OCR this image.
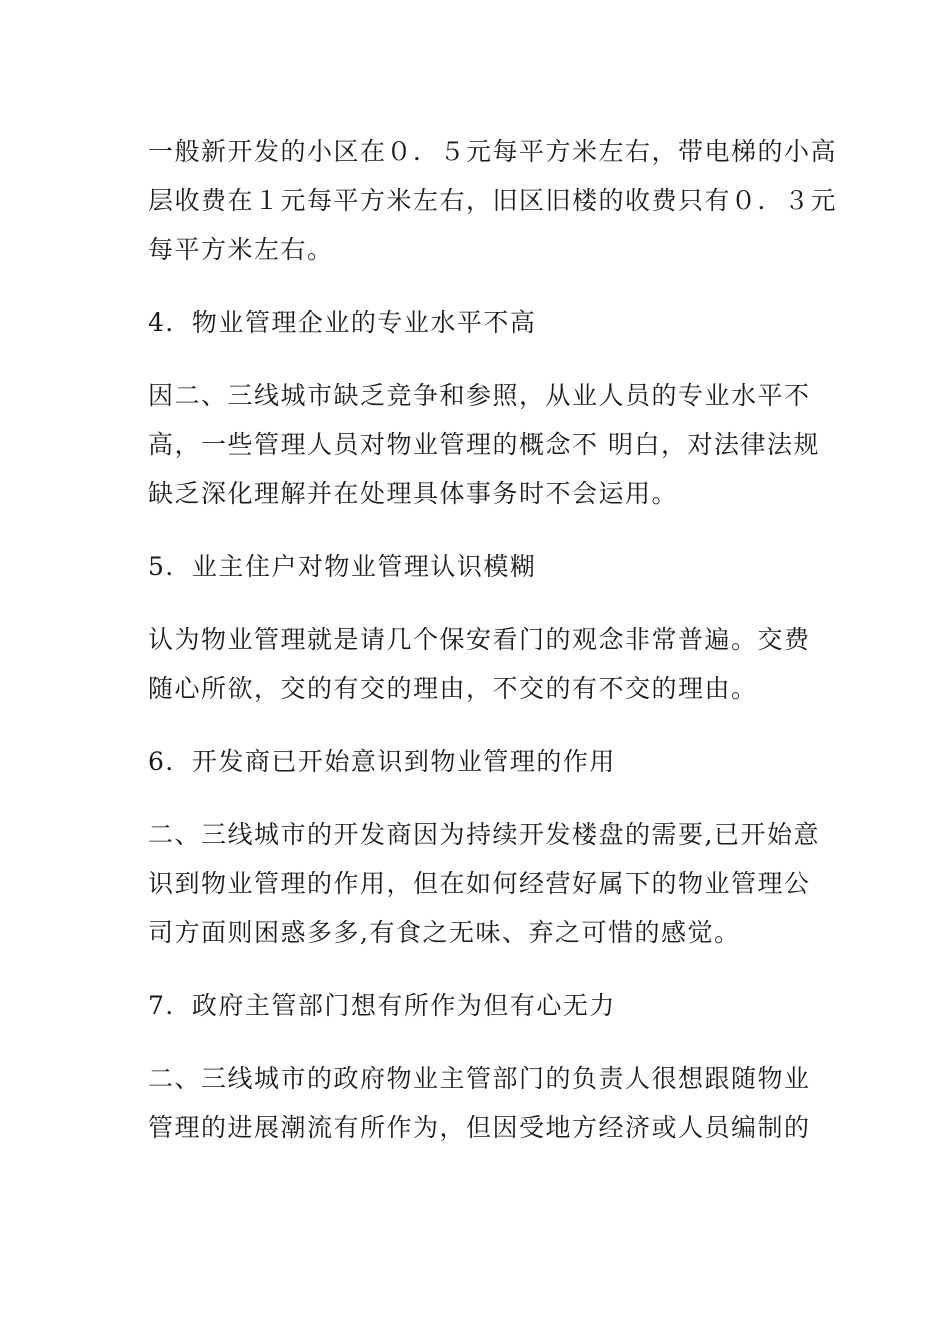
一般新开发的小区在０．５元每平方米左右，带电梯的小高
层收费在１元每平方米左右，旧区旧楼的收费只有０．３元
每平方米左右。
4．物业管理企业的专业水平不高
因二、三线城市缺乏竞争和参照，从业人员的专业水平不
高，一些管理人员对物业管理的概念不 明白，对法律法规
缺乏深化理解并在处理具体事务时不会运用。
5．业主住户对物业管理认识模糊
认为物业管理就是请几个保安看门的观念非常普遍。交费
随心所欲，交的有交的理由，不交的有不交的理由。
6．开发商已开始意识到物业管理的作用
二、三线城市的开发商因为持续开发楼盘的需要,已开始意
识到物业管理的作用，但在如何经营好属下的物业管理公
司方面则困惑多多,有食之无味、弃之可惜的感觉。
7．政府主管部门想有所作为但有心无力
二、三线城市的政府物业主管部门的负责人很想跟随物业
管理的进展潮流有所作为，但因受地方经济或人员编制的
